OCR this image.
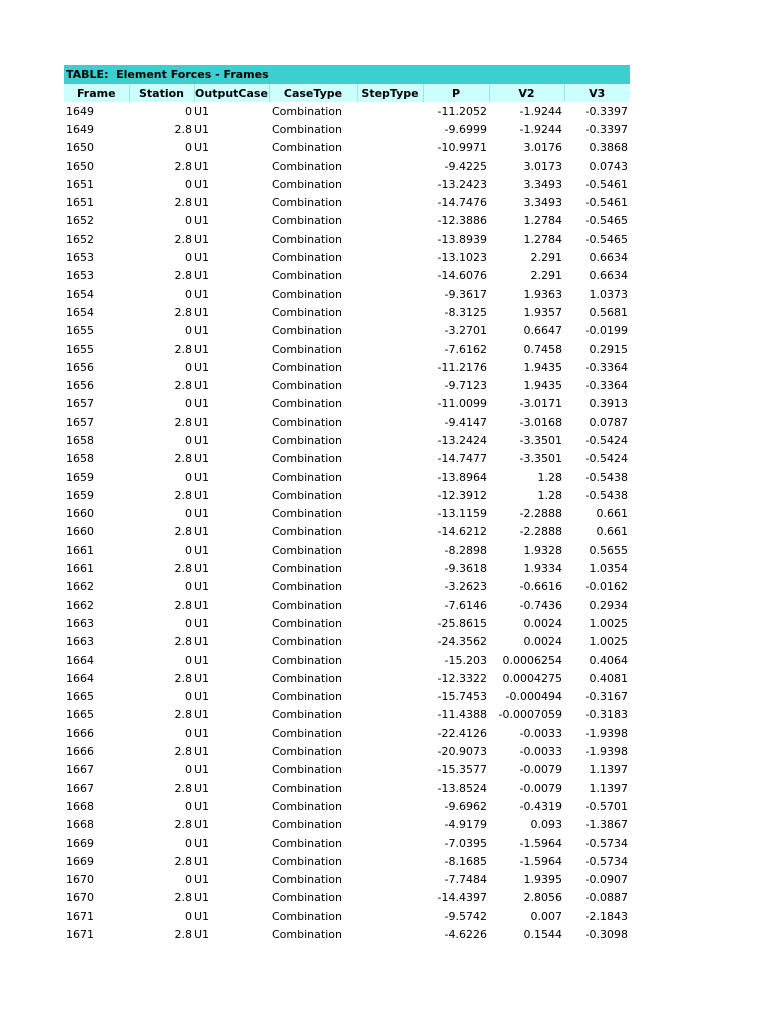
TABLE:  Element Forces - Frames
Frame	Station	OutputCase	CaseType	StepType	P	V2	V3
1649	0	U1	Combination		-11.2052	-1.9244	-0.3397
1649	2.8	U1	Combination		-9.6999	-1.9244	-0.3397
1650	0	U1	Combination		-10.9971	3.0176	0.3868
1650	2.8	U1	Combination		-9.4225	3.0173	0.0743
1651	0	U1	Combination		-13.2423	3.3493	-0.5461
1651	2.8	U1	Combination		-14.7476	3.3493	-0.5461
1652	0	U1	Combination		-12.3886	1.2784	-0.5465
1652	2.8	U1	Combination		-13.8939	1.2784	-0.5465
1653	0	U1	Combination		-13.1023	2.291	0.6634
1653	2.8	U1	Combination		-14.6076	2.291	0.6634
1654	0	U1	Combination		-9.3617	1.9363	1.0373
1654	2.8	U1	Combination		-8.3125	1.9357	0.5681
1655	0	U1	Combination		-3.2701	0.6647	-0.0199
1655	2.8	U1	Combination		-7.6162	0.7458	0.2915
1656	0	U1	Combination		-11.2176	1.9435	-0.3364
1656	2.8	U1	Combination		-9.7123	1.9435	-0.3364
1657	0	U1	Combination		-11.0099	-3.0171	0.3913
1657	2.8	U1	Combination		-9.4147	-3.0168	0.0787
1658	0	U1	Combination		-13.2424	-3.3501	-0.5424
1658	2.8	U1	Combination		-14.7477	-3.3501	-0.5424
1659	0	U1	Combination		-13.8964	1.28	-0.5438
1659	2.8	U1	Combination		-12.3912	1.28	-0.5438
1660	0	U1	Combination		-13.1159	-2.2888	0.661
1660	2.8	U1	Combination		-14.6212	-2.2888	0.661
1661	0	U1	Combination		-8.2898	1.9328	0.5655
1661	2.8	U1	Combination		-9.3618	1.9334	1.0354
1662	0	U1	Combination		-3.2623	-0.6616	-0.0162
1662	2.8	U1	Combination		-7.6146	-0.7436	0.2934
1663	0	U1	Combination		-25.8615	0.0024	1.0025
1663	2.8	U1	Combination		-24.3562	0.0024	1.0025
1664	0	U1	Combination		-15.203	0.0006254	0.4064
1664	2.8	U1	Combination		-12.3322	0.0004275	0.4081
1665	0	U1	Combination		-15.7453	-0.000494	-0.3167
1665	2.8	U1	Combination		-11.4388	-0.0007059	-0.3183
1666	0	U1	Combination		-22.4126	-0.0033	-1.9398
1666	2.8	U1	Combination		-20.9073	-0.0033	-1.9398
1667	0	U1	Combination		-15.3577	-0.0079	1.1397
1667	2.8	U1	Combination		-13.8524	-0.0079	1.1397
1668	0	U1	Combination		-9.6962	-0.4319	-0.5701
1668	2.8	U1	Combination		-4.9179	0.093	-1.3867
1669	0	U1	Combination		-7.0395	-1.5964	-0.5734
1669	2.8	U1	Combination		-8.1685	-1.5964	-0.5734
1670	0	U1	Combination		-7.7484	1.9395	-0.0907
1670	2.8	U1	Combination		-14.4397	2.8056	-0.0887
1671	0	U1	Combination		-9.5742	0.007	-2.1843
1671	2.8	U1	Combination		-4.6226	0.1544	-0.3098
